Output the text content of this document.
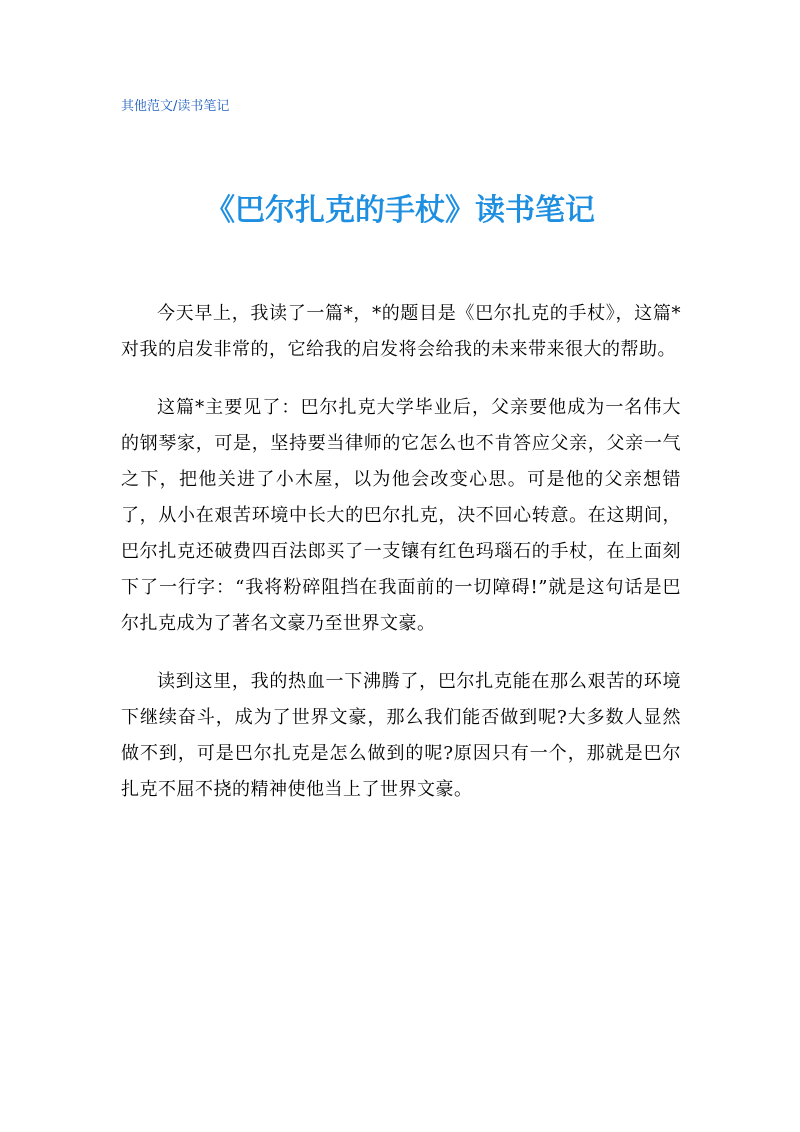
其他范文/读书笔记
《巴尔扎克的手杖》读书笔记

今天早上，我读了一篇*，*的题目是《巴尔扎克的手杖》，这篇*对我的启发非常的，它给我的启发将会给我的未来带来很大的帮助。

这篇*主要见了：巴尔扎克大学毕业后，父亲要他成为一名伟大的钢琴家，可是，坚持要当律师的它怎么也不肯答应父亲，父亲一气之下，把他关进了小木屋，以为他会改变心思。可是他的父亲想错了，从小在艰苦环境中长大的巴尔扎克，决不回心转意。在这期间，巴尔扎克还破费四百法郎买了一支镶有红色玛瑙石的手杖，在上面刻下了一行字：“我将粉碎阻挡在我面前的一切障碍!”就是这句话是巴尔扎克成为了著名文豪乃至世界文豪。

读到这里，我的热血一下沸腾了，巴尔扎克能在那么艰苦的环境下继续奋斗，成为了世界文豪，那么我们能否做到呢?大多数人显然做不到，可是巴尔扎克是怎么做到的呢?原因只有一个，那就是巴尔扎克不屈不挠的精神使他当上了世界文豪。
